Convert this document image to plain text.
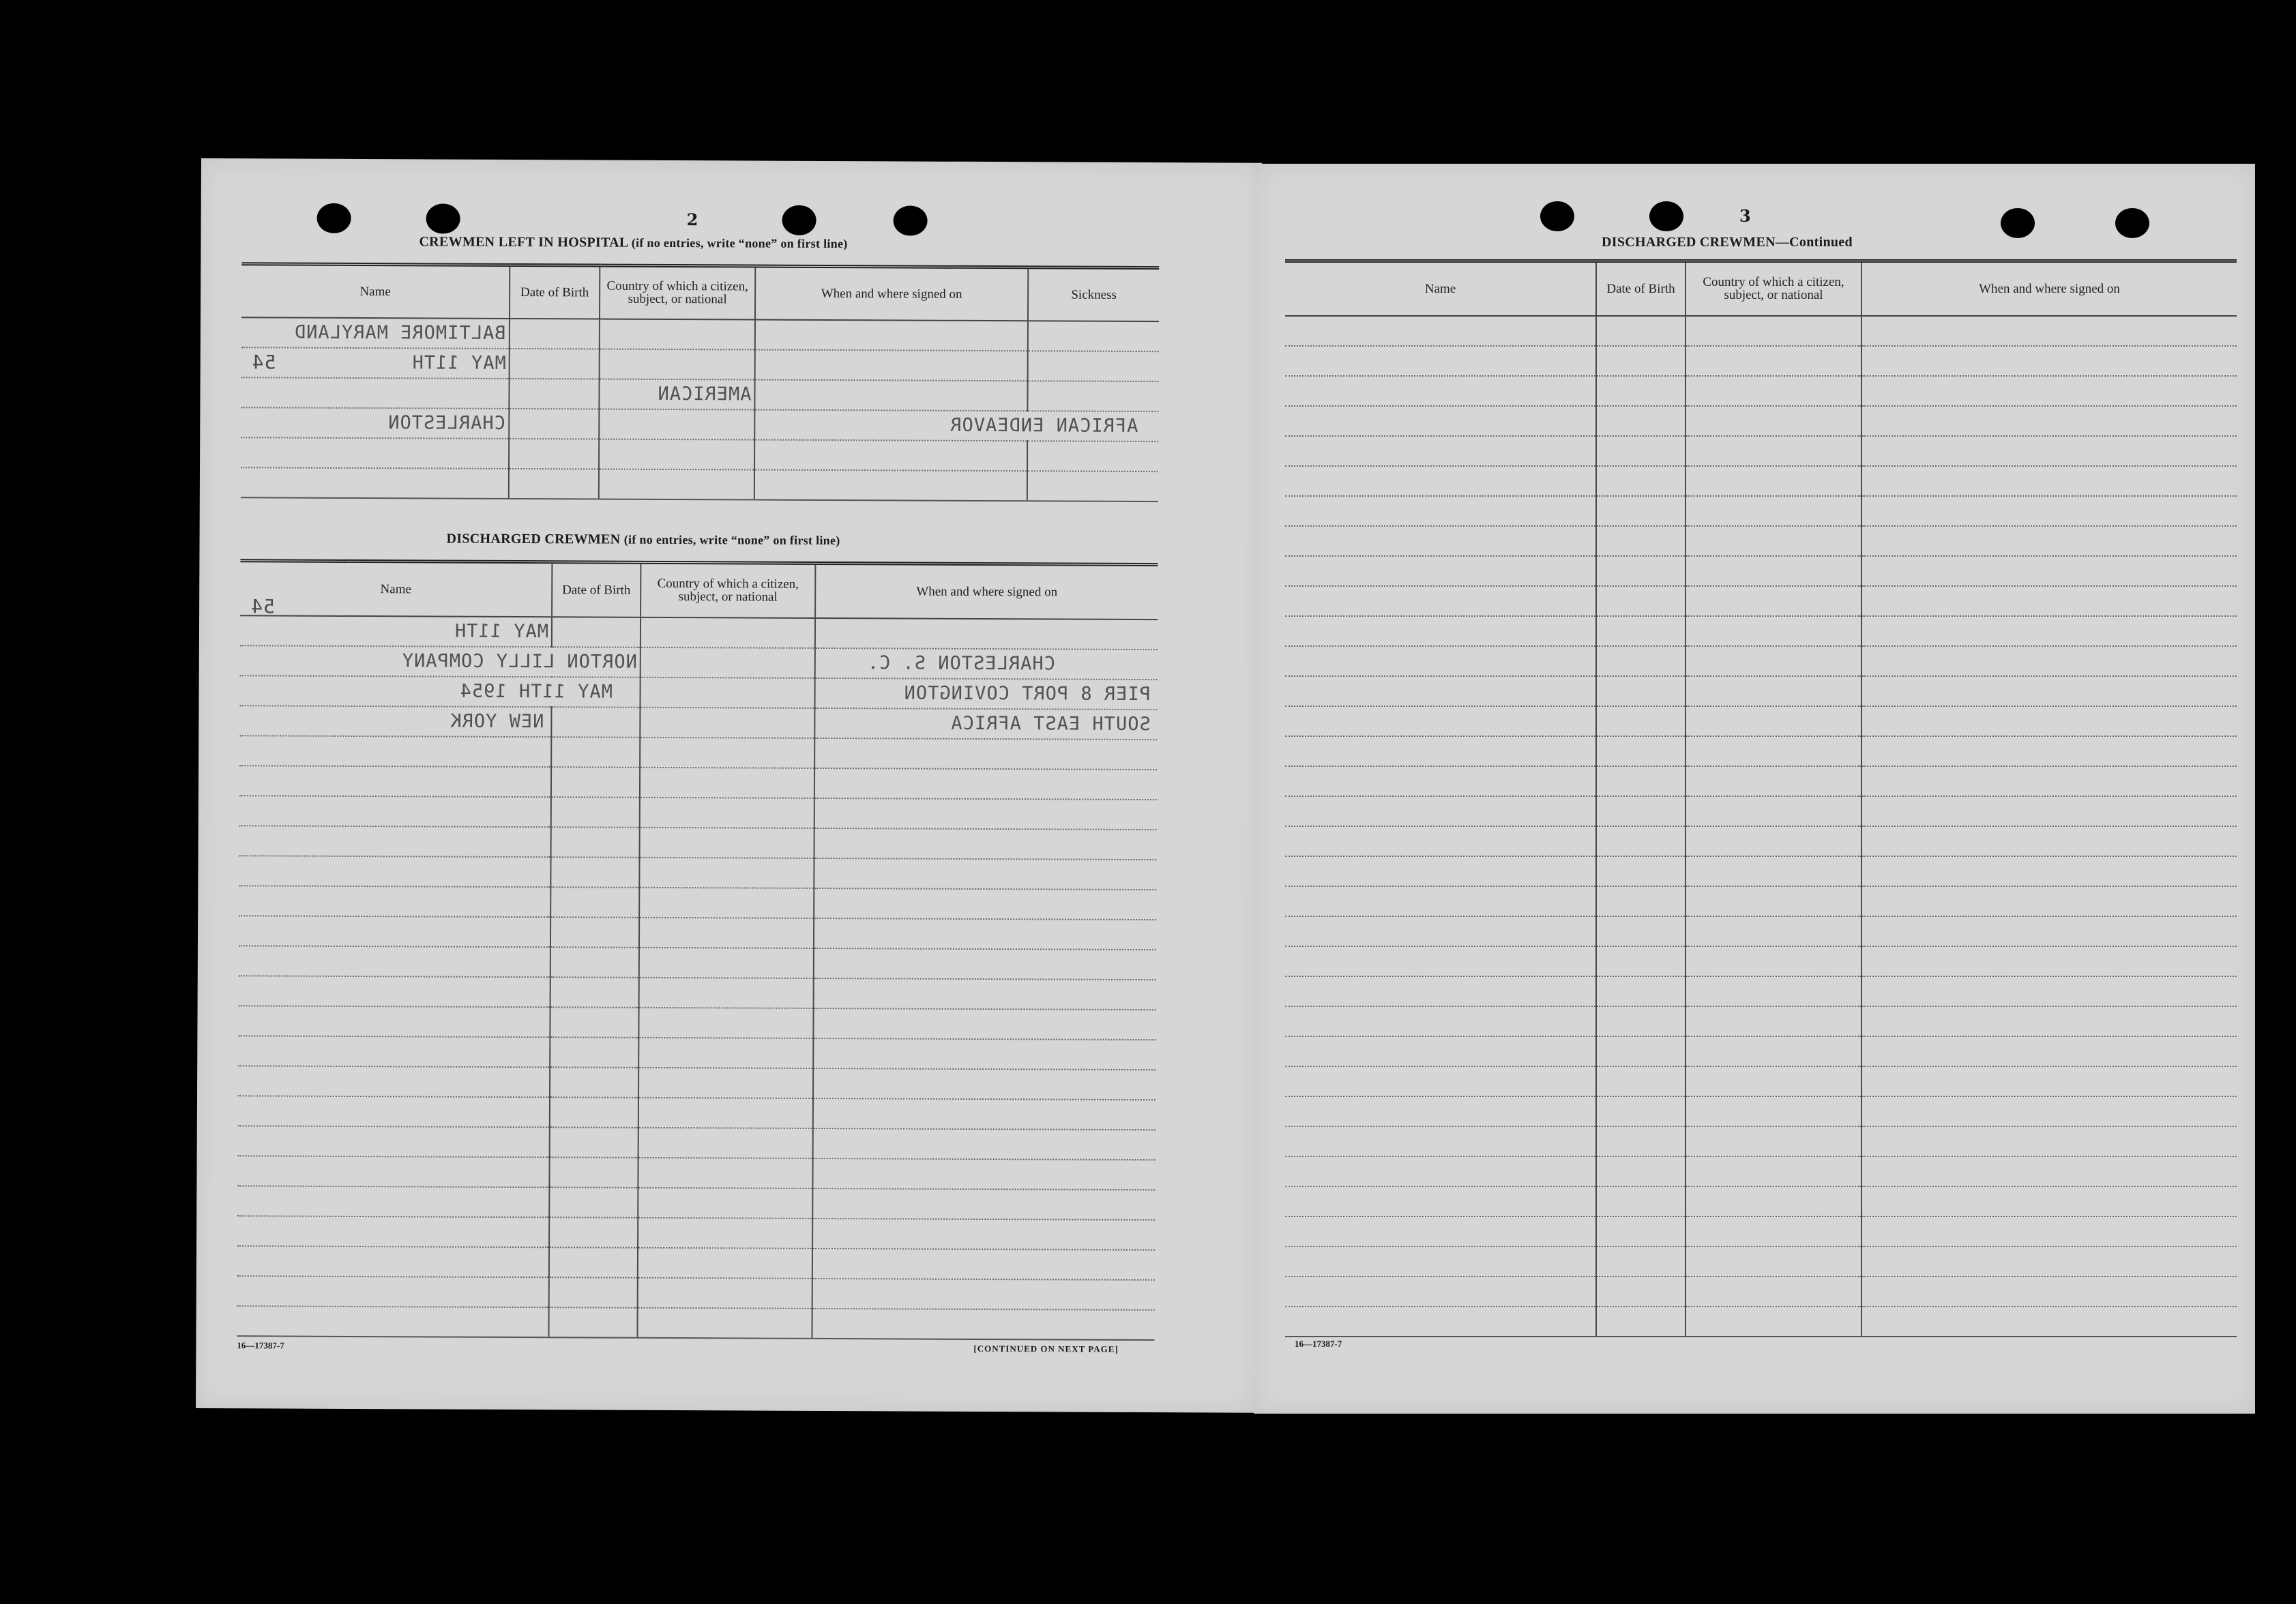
2
CREWMEN LEFT IN HOSPITAL (if no entries, write “none” on first line)
54
Name	Date of Birth	Country of which a citizen, subject, or national	When and where signed on	Sickness
BALTIMORE MARYLAND				
MAY 11TH				
		AMERICAN		
CHARLESTON			AFRICAN ENDEAVOR	

DISCHARGED CREWMEN (if no entries, write “none” on first line)
54
Name	Date of Birth	Country of which a citizen, subject, or national	When and where signed on
MAY 11TH			
NORTON LILLY COMPANY			CHARLESTON S. C.
MAY 11TH 1954			PIER 8 PORT COVINGTON
NEW YORK			SOUTH EAST AFRICA

16—17387-7	[CONTINUED ON NEXT PAGE]
3
DISCHARGED CREWMEN—Continued
Name	Date of Birth	Country of which a citizen, subject, or national	When and where signed on

16—17387-7
